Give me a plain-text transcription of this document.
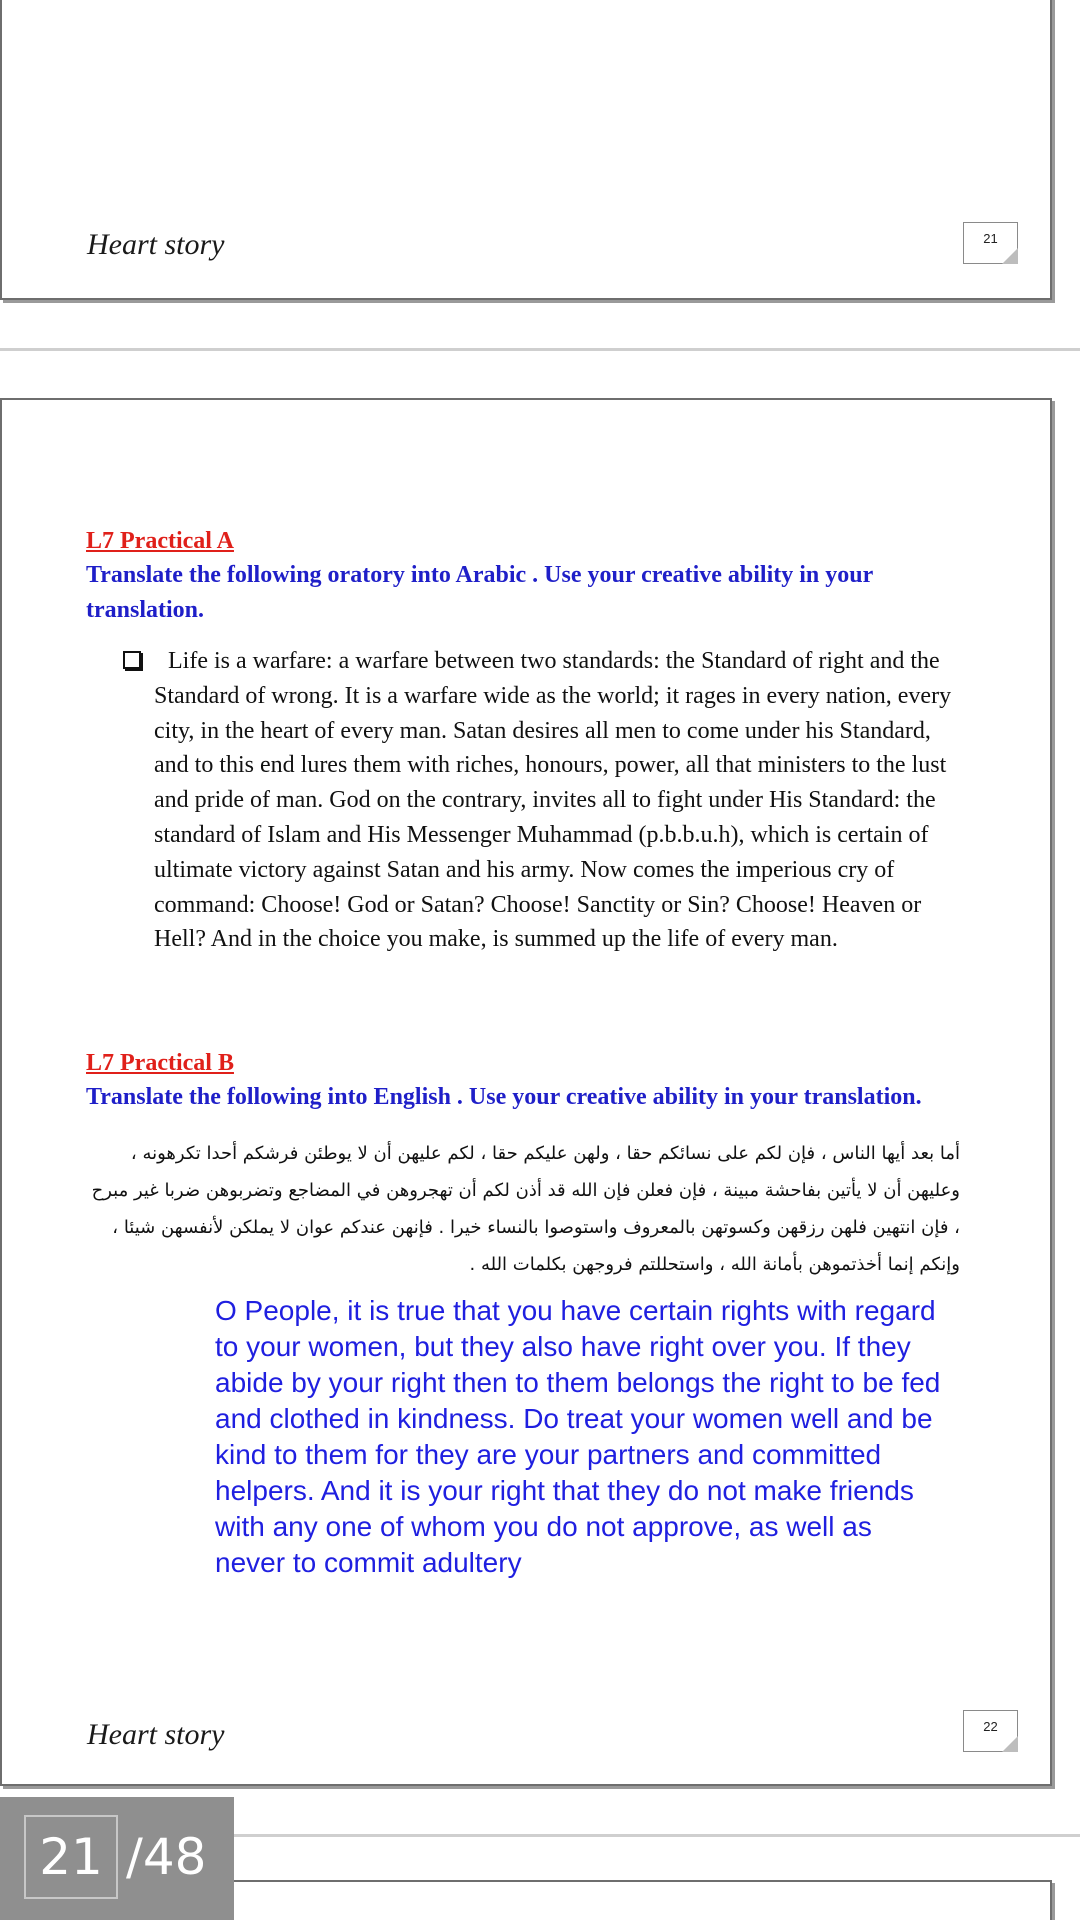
Heart story	21
L7 Practical A
Translate the following oratory into Arabic . Use your creative ability in your translation.
Life is a warfare: a warfare between two standards: the Standard of right and the Standard of wrong. It is a warfare wide as the world; it rages in every nation, every city, in the heart of every man. Satan desires all men to come under his Standard, and to this end lures them with riches, honours, power, all that ministers to the lust and pride of man. God on the contrary, invites all to fight under His Standard: the standard of Islam and His Messenger Muhammad (p.b.b.u.h), which is certain of ultimate victory against Satan and his army. Now comes the imperious cry of command: Choose! God or Satan? Choose! Sanctity or Sin? Choose! Heaven or Hell? And in the choice you make, is summed up the life of every man.
L7 Practical B
Translate the following into English . Use your creative ability in your translation.
أما بعد أيها الناس ، فإن لكم على نسائكم حقا ، ولهن عليكم حقا ، لكم عليهن أن لا يوطئن فرشكم أحدا تكرهونه ، وعليهن أن لا يأتين بفاحشة مبينة ، فإن فعلن فإن الله قد أذن لكم أن تهجروهن في المضاجع وتضربوهن ضربا غير مبرح ، فإن انتهين فلهن رزقهن وكسوتهن بالمعروف واستوصوا بالنساء خيرا . فإنهن عندكم عوان لا يملكن لأنفسهن شيئا ، وإنكم إنما أخذتموهن بأمانة الله ، واستحللتم فروجهن بكلمات الله .
O People, it is true that you have certain rights with regard to your women, but they also have right over you. If they abide by your right then to them belongs the right to be fed and clothed in kindness. Do treat your women well and be kind to them for they are your partners and committed helpers. And it is your right that they do not make friends with any one of whom you do not approve, as well as never to commit adultery
Heart story	22
21 /48
